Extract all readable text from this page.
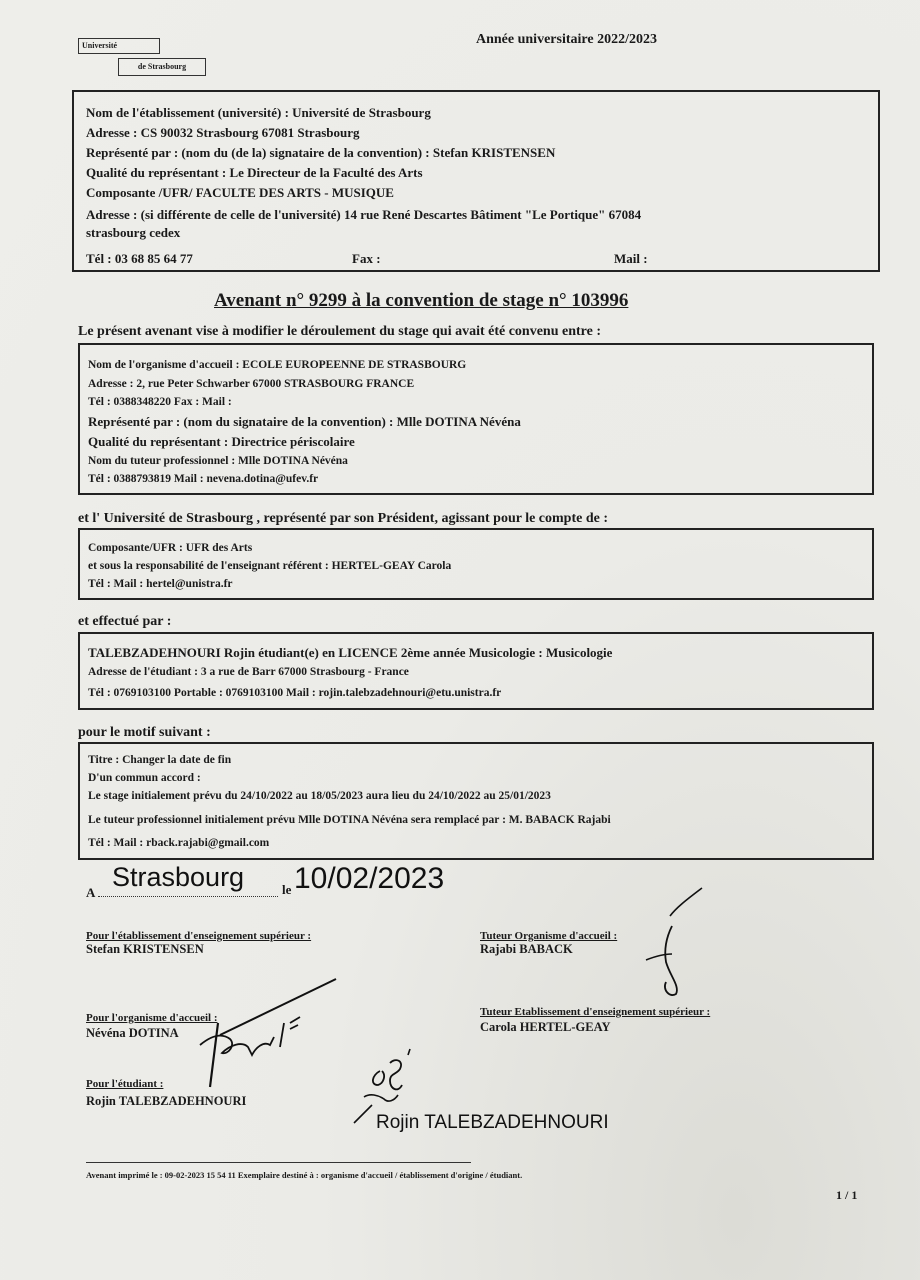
Université
de Strasbourg
Année universitaire 2022/2023
Nom de l'établissement (université) : Université de Strasbourg
Adresse : CS 90032 Strasbourg 67081 Strasbourg
Représenté par : (nom du (de la) signataire de la convention) : Stefan KRISTENSEN
Qualité du représentant : Le Directeur de la Faculté des Arts
Composante /UFR/ FACULTE DES ARTS - MUSIQUE
Adresse : (si différente de celle de l'université) 14 rue René Descartes Bâtiment "Le Portique" 67084
strasbourg cedex
Tél : 03 68 85 64 77	Fax :	Mail :
Avenant n° 9299 à la convention de stage n° 103996
Le présent avenant vise à modifier le déroulement du stage qui avait été convenu entre :
Nom de l'organisme d'accueil : ECOLE EUROPEENNE DE STRASBOURG
Adresse : 2, rue Peter Schwarber 67000 STRASBOURG FRANCE
Tél : 0388348220 Fax : Mail :
Représenté par : (nom du signataire de la convention) : Mlle DOTINA Névéna
Qualité du représentant : Directrice périscolaire
Nom du tuteur professionnel : Mlle DOTINA Névéna
Tél : 0388793819 Mail : nevena.dotina@ufev.fr
et l' Université de Strasbourg , représenté par son Président, agissant pour le compte de :
Composante/UFR : UFR des Arts
et sous la responsabilité de l'enseignant référent : HERTEL-GEAY Carola
Tél : Mail : hertel@unistra.fr
et effectué par :
TALEBZADEHNOURI Rojin étudiant(e) en LICENCE 2ème année Musicologie : Musicologie
Adresse de l'étudiant : 3 a rue de Barr 67000 Strasbourg - France
Tél : 0769103100 Portable : 0769103100 Mail : rojin.talebzadehnouri@etu.unistra.fr
pour le motif suivant :
Titre : Changer la date de fin
D'un commun accord :
Le stage initialement prévu du 24/10/2022 au 18/05/2023 aura lieu du 24/10/2022 au 25/01/2023
Le tuteur professionnel initialement prévu Mlle DOTINA Névéna sera remplacé par : M. BABACK Rajabi
Tél : Mail : rback.rajabi@gmail.com
A
Strasbourg	le 10/02/2023
Pour l'établissement d'enseignement supérieur :
Stefan KRISTENSEN
Tuteur Organisme d'accueil :
Rajabi BABACK
Pour l'organisme d'accueil :
Névéna DOTINA
Tuteur Etablissement d'enseignement supérieur :
Carola HERTEL-GEAY
Pour l'étudiant :
Rojin TALEBZADEHNOURI
Rojin TALEBZADEHNOURI
Avenant imprimé le : 09-02-2023 15 54 11 Exemplaire destiné à : organisme d'accueil / établissement d'origine / étudiant.
1 / 1
